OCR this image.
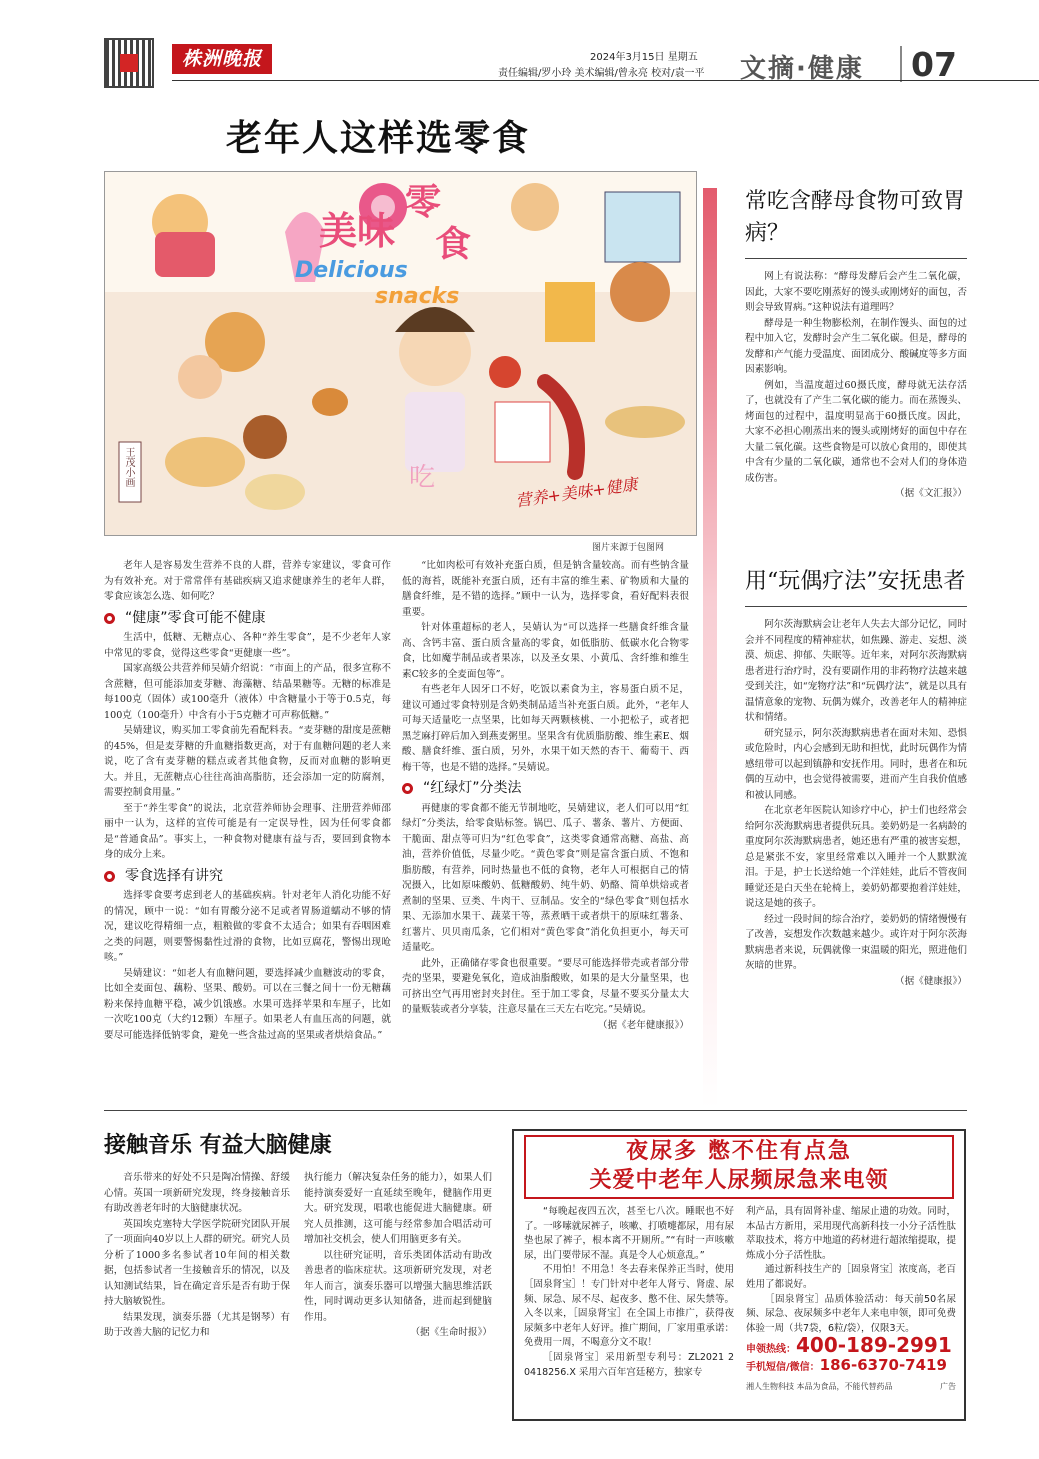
株洲晚报	2024年3月15日 星期五
责任编辑/罗小玲 美术编辑/曾永亮 校对/袁一平 文摘·健康 07
老年人这样选零食
美味
零
食
Delicious
snacks
营养+美味+健康
王茂小画	吃
图片来源于包图网

老年人是容易发生营养不良的人群，营养专家建议，零食可作为有效补充。对于常常伴有基础疾病又追求健康养生的老年人群，零食应该怎么选、如何吃？

“健康”零食可能不健康

生活中，低糖、无糖点心、各种“养生零食”，是不少老年人家中常见的零食，觉得这些零食“更健康一些”。

国家高级公共营养师吴婧介绍说：“市面上的产品，很多宣称不含蔗糖，但可能添加麦芽糖、海藻糖、结晶果糖等。无糖的标准是每100克（固体）或100毫升（液体）中含糖量小于等于0.5克，每100克（100毫升）中含有小于5克糖才可声称低糖。”

吴婧建议，购买加工零食前先看配料表。“麦芽糖的甜度是蔗糖的45%，但是麦芽糖的升血糖指数更高，对于有血糖问题的老人来说，吃了含有麦芽糖的糕点或者其他食物，反而对血糖的影响更大。并且，无蔗糖点心往往高油高脂肪，还会添加一定的防腐剂，需要控制食用量。”

至于“养生零食”的说法，北京营养师协会理事、注册营养师邵丽中一认为，这样的宣传可能是有一定误导性，因为任何零食都是“普通食品”。事实上，一种食物对健康有益与否，要回到食物本身的成分上来。

零食选择有讲究

选择零食要考虑到老人的基础疾病。针对老年人消化功能不好的情况，顾中一说：“如有胃酸分泌不足或者胃肠道蠕动不够的情况，建议吃得精细一点，粗粮做的零食不太适合；如果有吞咽困难之类的问题，则要警惕黏性过滑的食物，比如豆腐花，警惕出现呛咳。”

吴婧建议：“如老人有血糖问题，要选择减少血糖波动的零食，比如全麦面包、藕粉、坚果、酸奶。可以在三餐之间十一份无糖藕粉来保持血糖平稳，减少饥饿感。水果可选择苹果和车厘子，比如一次吃100克（大约12颗）车厘子。如果老人有血压高的问题，就要尽可能选择低钠零食，避免一些含盐过高的坚果或者烘焙食品。”

“比如肉松可有效补充蛋白质，但是钠含量较高。而有些钠含量低的海苔，既能补充蛋白质，还有丰富的维生素、矿物质和大量的膳食纤维，是不错的选择。”顾中一认为，选择零食，看好配料表很重要。

针对体重超标的老人，吴婧认为“可以选择一些膳食纤维含量高、含钙丰富、蛋白质含量高的零食，如低脂肪、低碳水化合物零食，比如魔芋制品或者果冻，以及圣女果、小黄瓜、含纤维和维生素C较多的全麦面包等”。

有些老年人因牙口不好，吃饭以素食为主，容易蛋白质不足，建议可通过零食特别是含奶类制品适当补充蛋白质。此外，“老年人可每天适量吃一点坚果，比如每天两颗核桃、一小把松子，或者把黑芝麻打碎后加入到燕麦粥里。坚果含有优质脂肪酸、维生素E、烟酸、膳食纤维、蛋白质，另外，水果干如天然的杏干、葡萄干、西梅干等，也是不错的选择。”吴婧说。

“红绿灯”分类法

再健康的零食都不能无节制地吃，吴婧建议，老人们可以用“红绿灯”分类法，给零食贴标签。锅巴、瓜子、薯条、薯片、方便面、干脆面、甜点等可归为“红色零食”，这类零食通常高糖、高盐、高油，营养价值低，尽量少吃。“黄色零食”则是富含蛋白质、不饱和脂肪酸，有营养，同时热量也不低的食物，老年人可根据自己的情况摄入，比如原味酸奶、低糖酸奶、纯牛奶、奶酪、简单烘焙或者煮制的坚果、豆类、牛肉干、豆制品。安全的“绿色零食”则包括水果、无添加水果干、蔬菜干等，蒸煮晒干或者烘干的原味红薯条、红薯片、贝贝南瓜条，它们相对“黄色零食”消化负担更小，每天可适量吃。

此外，正确储存零食也很重要。“要尽可能选择带壳或者部分带壳的坚果，要避免氧化，造成油脂酸败，如果的是大分量坚果，也可挤出空气再用密封夹封住。至于加工零食，尽量不要买分量太大的量贩装或者分享装，注意尽量在三天左右吃完。”吴婧说。

（据《老年健康报》）

常吃含酵母食物可致胃病？

网上有说法称：“酵母发酵后会产生二氧化碳，因此，大家不要吃刚蒸好的馒头或刚烤好的面包，否则会导致胃病。”这种说法有道理吗？

酵母是一种生物膨松剂，在制作馒头、面包的过程中加入它，发酵时会产生二氧化碳。但是，酵母的发酵和产气能力受温度、面团成分、酸碱度等多方面因素影响。

例如，当温度超过60摄氏度，酵母就无法存活了，也就没有了产生二氧化碳的能力。而在蒸馒头、烤面包的过程中，温度明显高于60摄氏度。因此，大家不必担心刚蒸出来的馒头或刚烤好的面包中存在大量二氧化碳。这些食物是可以放心食用的，即使其中含有少量的二氧化碳，通常也不会对人们的身体造成伤害。

（据《文汇报》）

用“玩偶疗法”安抚患者

阿尔茨海默病会让老年人失去大部分记忆，同时会并不同程度的精神症状，如焦躁、游走、妄想、淡漠、烦虑、抑郁、失眠等。近年来，对阿尔茨海默病患者进行治疗时，没有要副作用的非药物疗法越来越受到关注，如“宠物疗法”和“玩偶疗法”，就是以具有温情意象的宠物、玩偶为媒介，改善老年人的精神症状和情绪。

研究显示，阿尔茨海默病患者在面对未知、恐惧或危险时，内心会感到无助和担忧，此时玩偶作为情感纽带可以起到镇静和安抚作用。同时，患者在和玩偶的互动中，也会觉得被需要，进而产生自我价值感和被认同感。

在北京老年医院认知诊疗中心，护士们也经常会给阿尔茨海默病患者提供玩具。姜奶奶是一名病龄的重度阿尔茨海默病患者，她还患有严重的被害妄想，总是紧张不安，家里经常难以入睡并一个人默默流泪。于是，护士长送给她一个洋娃娃，此后不管夜间睡觉还是白天坐在轮椅上，姜奶奶都要抱着洋娃娃，说这是她的孩子。

经过一段时间的综合治疗，姜奶奶的情绪慢慢有了改善，妄想发作次数越来越少。或许对于阿尔茨海默病患者来说，玩偶就像一束温暖的阳光，照进他们灰暗的世界。

（据《健康报》）

接触音乐 有益大脑健康

音乐带来的好处不只是陶冶情操、舒缓心情。英国一项新研究发现，终身接触音乐有助改善老年时的大脑健康状况。

英国埃克塞特大学医学院研究团队开展了一项面向40岁以上人群的研究。研究人员分析了1000多名参试者10年间的相关数据，包括参试者一生接触音乐的情况，以及认知测试结果，旨在确定音乐是否有助于保持大脑敏锐性。

结果发现，演奏乐器（尤其是钢琴）有助于改善大脑的记忆力和

执行能力（解决复杂任务的能力），如果人们能持演奏爱好一直延续至晚年，健脑作用更大。研究发现，唱歌也能促进大脑健康。研究人员推测，这可能与经常参加合唱活动可增加社交机会，使人们用脑更多有关。

以往研究证明，音乐类团体活动有助改善患者的临床症状。这项新研究发现，对老年人而言，演奏乐器可以增强大脑思维活跃性，同时调动更多认知储备，进而起到健脑作用。

（据《生命时报》）

夜尿多 憋不住有点急
关爱中老年人尿频尿急来电领

“每晚起夜四五次，甚至七八次。睡眠也不好了。一哆嗦就尿裤子，咳嗽、打喷嚏都尿，用有尿垫也尿了裤子，根本离不开厕所。”“有时一声咳嗽尿，出门要带尿不湿。真是令人心烦意乱。”

不用怕！不用急！冬去春来保养正当时，使用［固泉肾宝］！专门针对中老年人肾亏、肾虚、尿频、尿急、尿不尽、起夜多、憋不住、尿失禁等。入冬以来，［固泉肾宝］在全国上市推广，获得夜尿频多中老年人好评。推广期间，厂家用重承诺：免费用一周，不喝意分文不取！

［固泉肾宝］采用新型专利号：ZL2021 2 0418256.X 采用六百年宫廷秘方，独家专

利产品，具有固肾补虚、缩尿止遗的功效。同时，本品古方新用，采用现代高新科技一小分子活性肽萃取技术，将方中地道的药材进行超浓缩提取，提炼成小分子活性肽。

通过新科技生产的［固泉肾宝］浓度高，老百姓用了都说好。

［固泉肾宝］品质体验活动：每天前50名尿频、尿急、夜尿频多中老年人来电申领，即可免费体验一周（共7袋，6粒/袋），仅限3天。

申领热线：400-189-2991
手机短信/微信：186-6370-7419
湘人生物科技 本品为食品，不能代替药品	广告
